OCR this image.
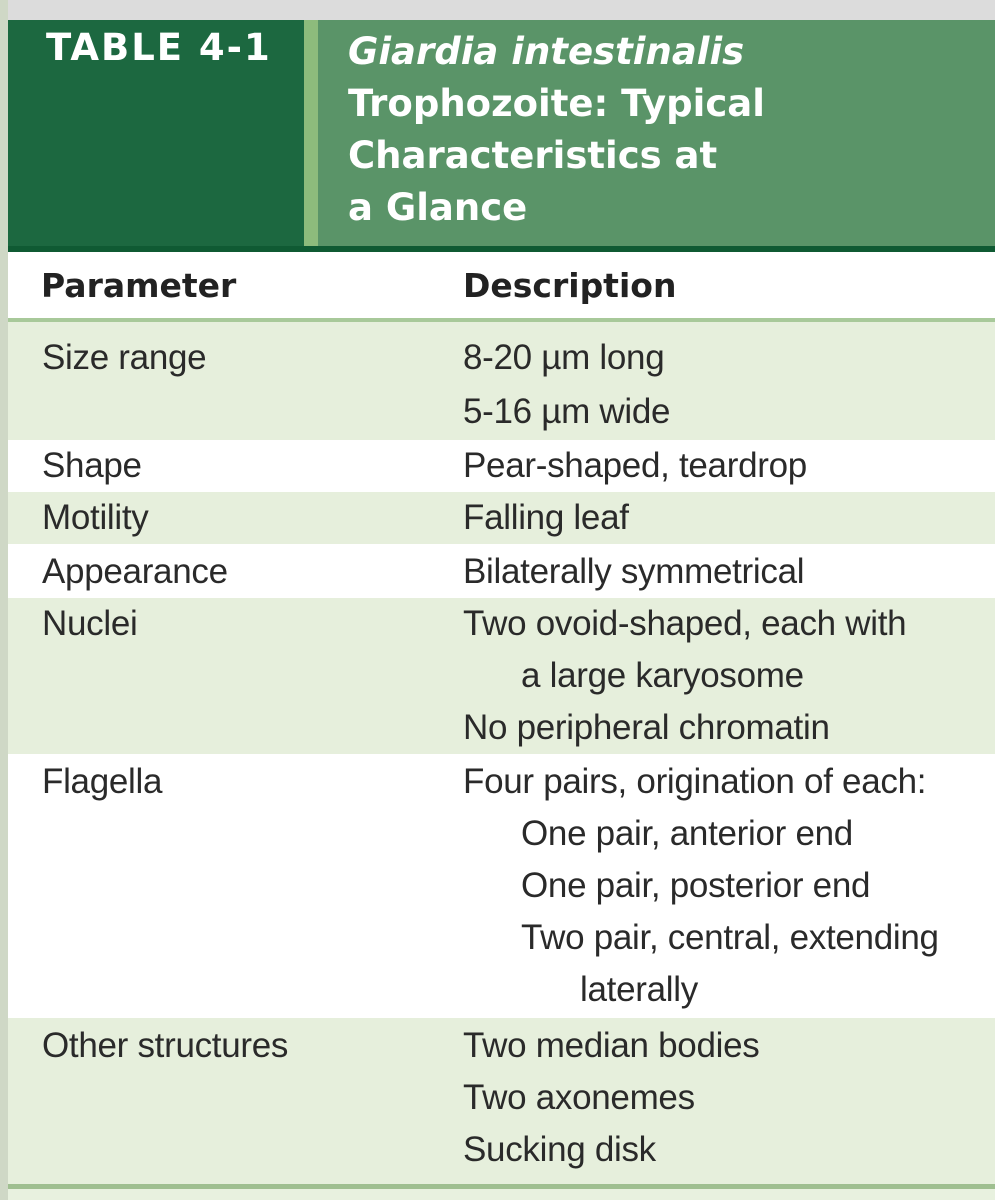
TABLE 4-1 Giardia intestinalis
Trophozoite: Typical
Characteristics at
a Glance
Parameter	Description
Size range	8-20 µm long
5-16 µm wide
Shape	Pear-shaped, teardrop
Motility	Falling leaf
Appearance	Bilaterally symmetrical
Nuclei	Two ovoid-shaped, each with
a large karyosome
No peripheral chromatin
Flagella	Four pairs, origination of each:
One pair, anterior end
One pair, posterior end
Two pair, central, extending
laterally
Other structures	Two median bodies
Two axonemes
Sucking disk
